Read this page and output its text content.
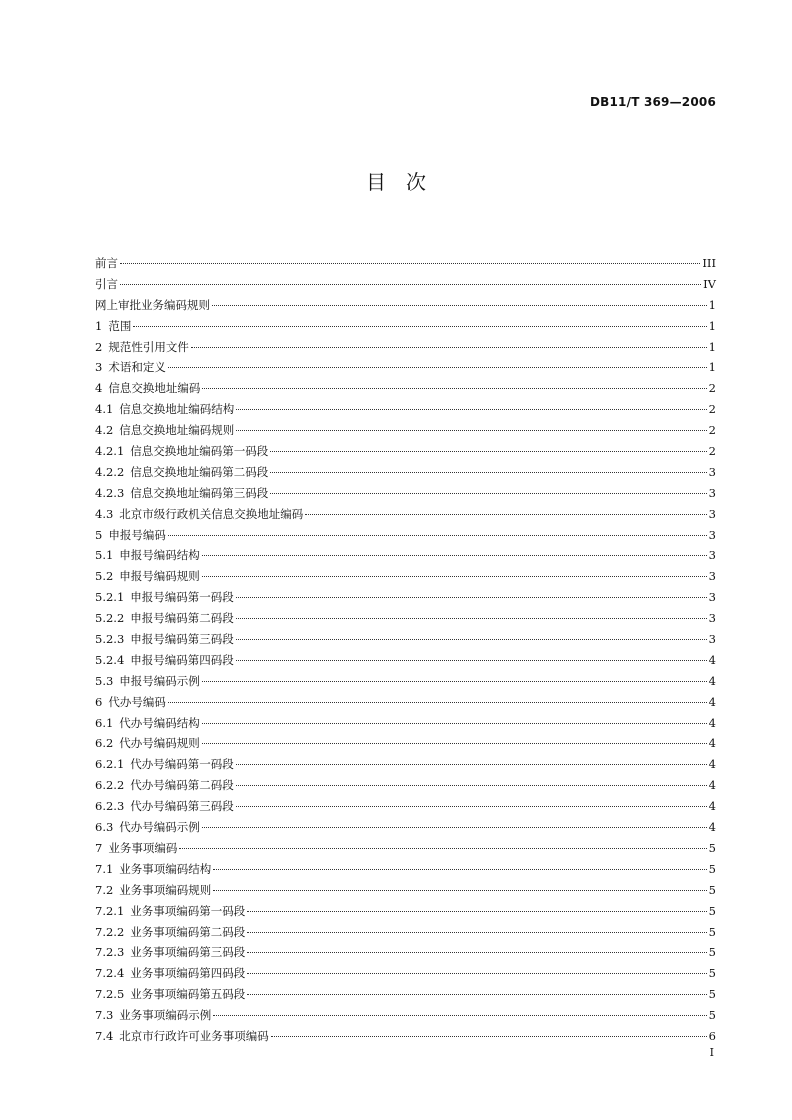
DB11/T 369—2006
目　次
前言	III
引言	IV
网上审批业务编码规则	1
1 范围	1
2 规范性引用文件	1
3 术语和定义	1
4 信息交换地址编码	2
4.1 信息交换地址编码结构	2
4.2 信息交换地址编码规则	2
4.2.1 信息交换地址编码第一码段	2
4.2.2 信息交换地址编码第二码段	3
4.2.3 信息交换地址编码第三码段	3
4.3 北京市级行政机关信息交换地址编码	3
5 申报号编码	3
5.1 申报号编码结构	3
5.2 申报号编码规则	3
5.2.1 申报号编码第一码段	3
5.2.2 申报号编码第二码段	3
5.2.3 申报号编码第三码段	3
5.2.4 申报号编码第四码段	4
5.3 申报号编码示例	4
6 代办号编码	4
6.1 代办号编码结构	4
6.2 代办号编码规则	4
6.2.1 代办号编码第一码段	4
6.2.2 代办号编码第二码段	4
6.2.3 代办号编码第三码段	4
6.3 代办号编码示例	4
7 业务事项编码	5
7.1 业务事项编码结构	5
7.2 业务事项编码规则	5
7.2.1 业务事项编码第一码段	5
7.2.2 业务事项编码第二码段	5
7.2.3 业务事项编码第三码段	5
7.2.4 业务事项编码第四码段	5
7.2.5 业务事项编码第五码段	5
7.3 业务事项编码示例	5
7.4 北京市行政许可业务事项编码	6
I
